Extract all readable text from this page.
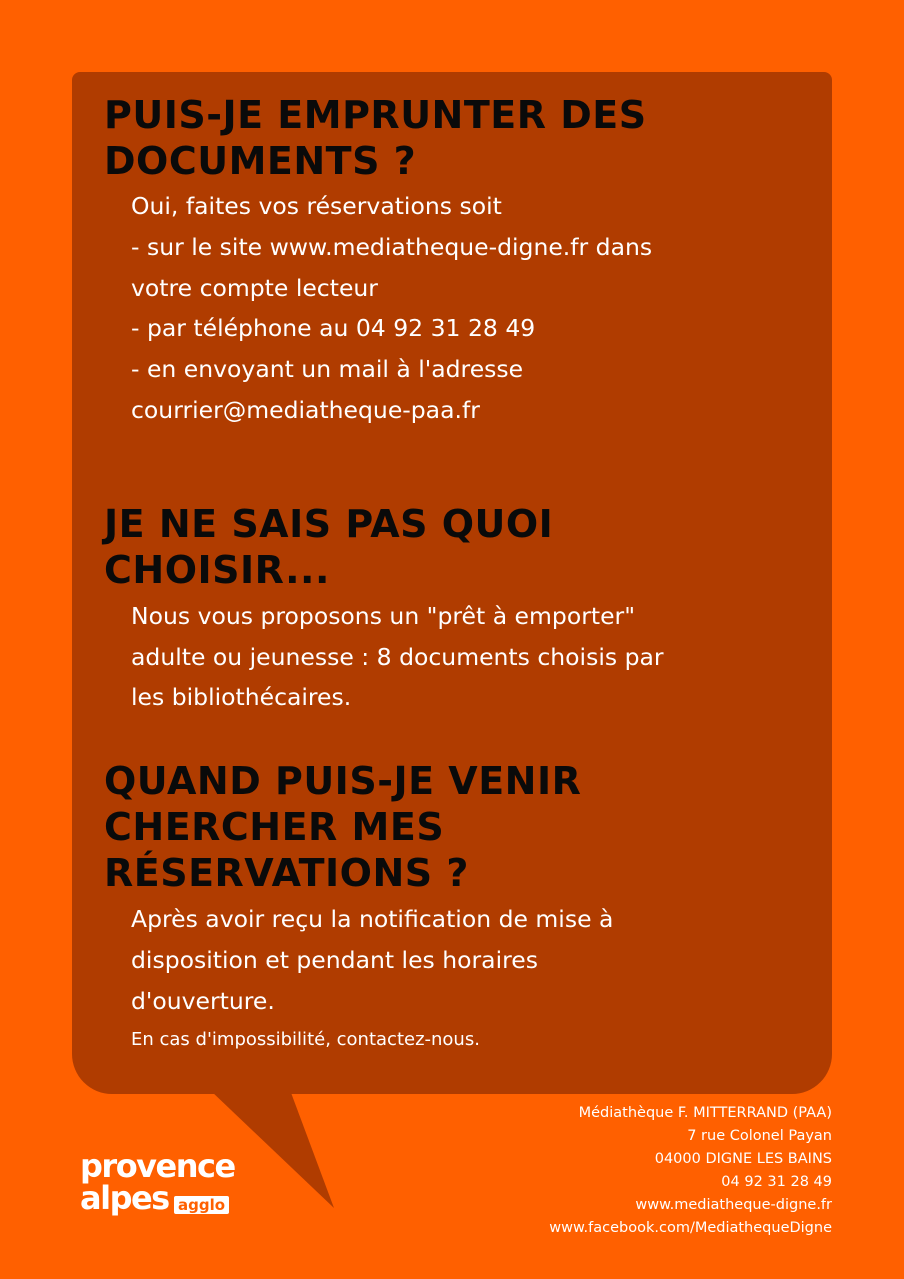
PUIS-JE EMPRUNTER DES
DOCUMENTS ?
Oui, faites vos réservations soit
- sur le site www.mediatheque-digne.fr dans
votre compte lecteur
- par téléphone au 04 92 31 28 49
- en envoyant un mail à l'adresse
courrier@mediatheque-paa.fr
JE NE SAIS PAS QUOI
CHOISIR...
Nous vous proposons un "prêt à emporter"
adulte ou jeunesse : 8 documents choisis par
les bibliothécaires.
QUAND PUIS-JE VENIR
CHERCHER MES
RÉSERVATIONS ?
Après avoir reçu la notification de mise à
disposition et pendant les horaires
d'ouverture.
En cas d'impossibilité, contactez-nous.
provence
alpes agglo
Médiathèque F. MITTERRAND (PAA)
7 rue Colonel Payan
04000 DIGNE LES BAINS
04 92 31 28 49
www.mediatheque-digne.fr
www.facebook.com/MediathequeDigne
